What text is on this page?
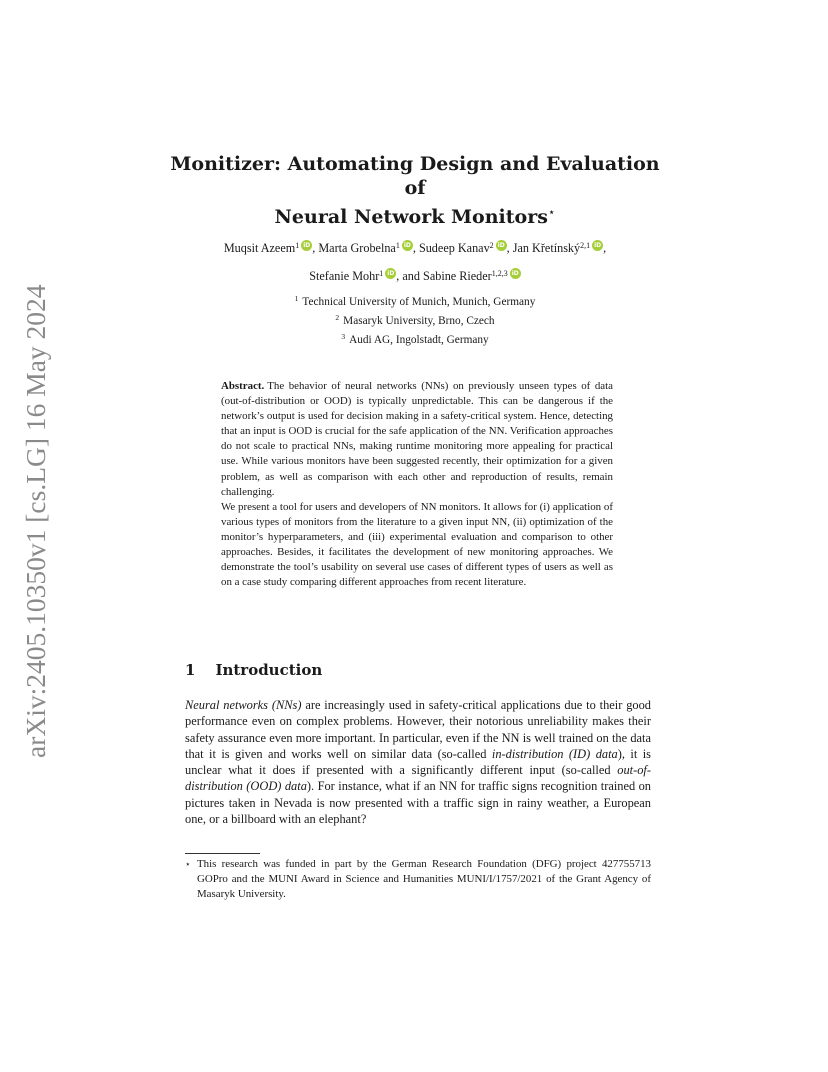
arXiv:2405.10350v1 [cs.LG] 16 May 2024
Monitizer: Automating Design and Evaluation of
Neural Network Monitors⋆
Muqsit Azeem$^1$ iD , Marta Grobelna$^1$ iD , Sudeep Kanav$^2$ iD , Jan Křetínský$^{2,1}$ iD ,
Stefanie Mohr$^1$ iD , and Sabine Rieder$^{1,2,3}$ iD
$^1$ Technical University of Munich, Munich, Germany
$^2$ Masaryk University, Brno, Czech
$^3$ Audi AG, Ingolstadt, Germany

Abstract. The behavior of neural networks (NNs) on previously unseen types of data (out-of-distribution or OOD) is typically unpredictable. This can be dangerous if the network’s output is used for decision making in a safety-critical system. Hence, detecting that an input is OOD is crucial for the safe application of the NN. Verification approaches do not scale to practical NNs, making runtime monitoring more appealing for practical use. While various monitors have been suggested recently, their optimization for a given problem, as well as comparison with each other and reproduction of results, remain challenging.

We present a tool for users and developers of NN monitors. It allows for (i) application of various types of monitors from the literature to a given input NN, (ii) optimization of the monitor’s hyperparameters, and (iii) experimental evaluation and comparison to other approaches. Besides, it facilitates the development of new monitoring approaches. We demonstrate the tool’s usability on several use cases of different types of users as well as on a case study comparing different approaches from recent literature.

1 Introduction

Neural networks (NNs) are increasingly used in safety-critical applications due to their good performance even on complex problems. However, their notorious unreliability makes their safety assurance even more important. In particular, even if the NN is well trained on the data that it is given and works well on similar data (so-called in-distribution (ID) data), it is unclear what it does if presented with a significantly different input (so-called out-of-distribution (OOD) data). For instance, what if an NN for traffic signs recognition trained on pictures taken in Nevada is now presented with a traffic sign in rainy weather, a European one, or a billboard with an elephant?

⋆ This research was funded in part by the German Research Foundation (DFG) project 427755713 GOPro and the MUNI Award in Science and Humanities MUNI/I/1757/2021 of the Grant Agency of Masaryk University.
